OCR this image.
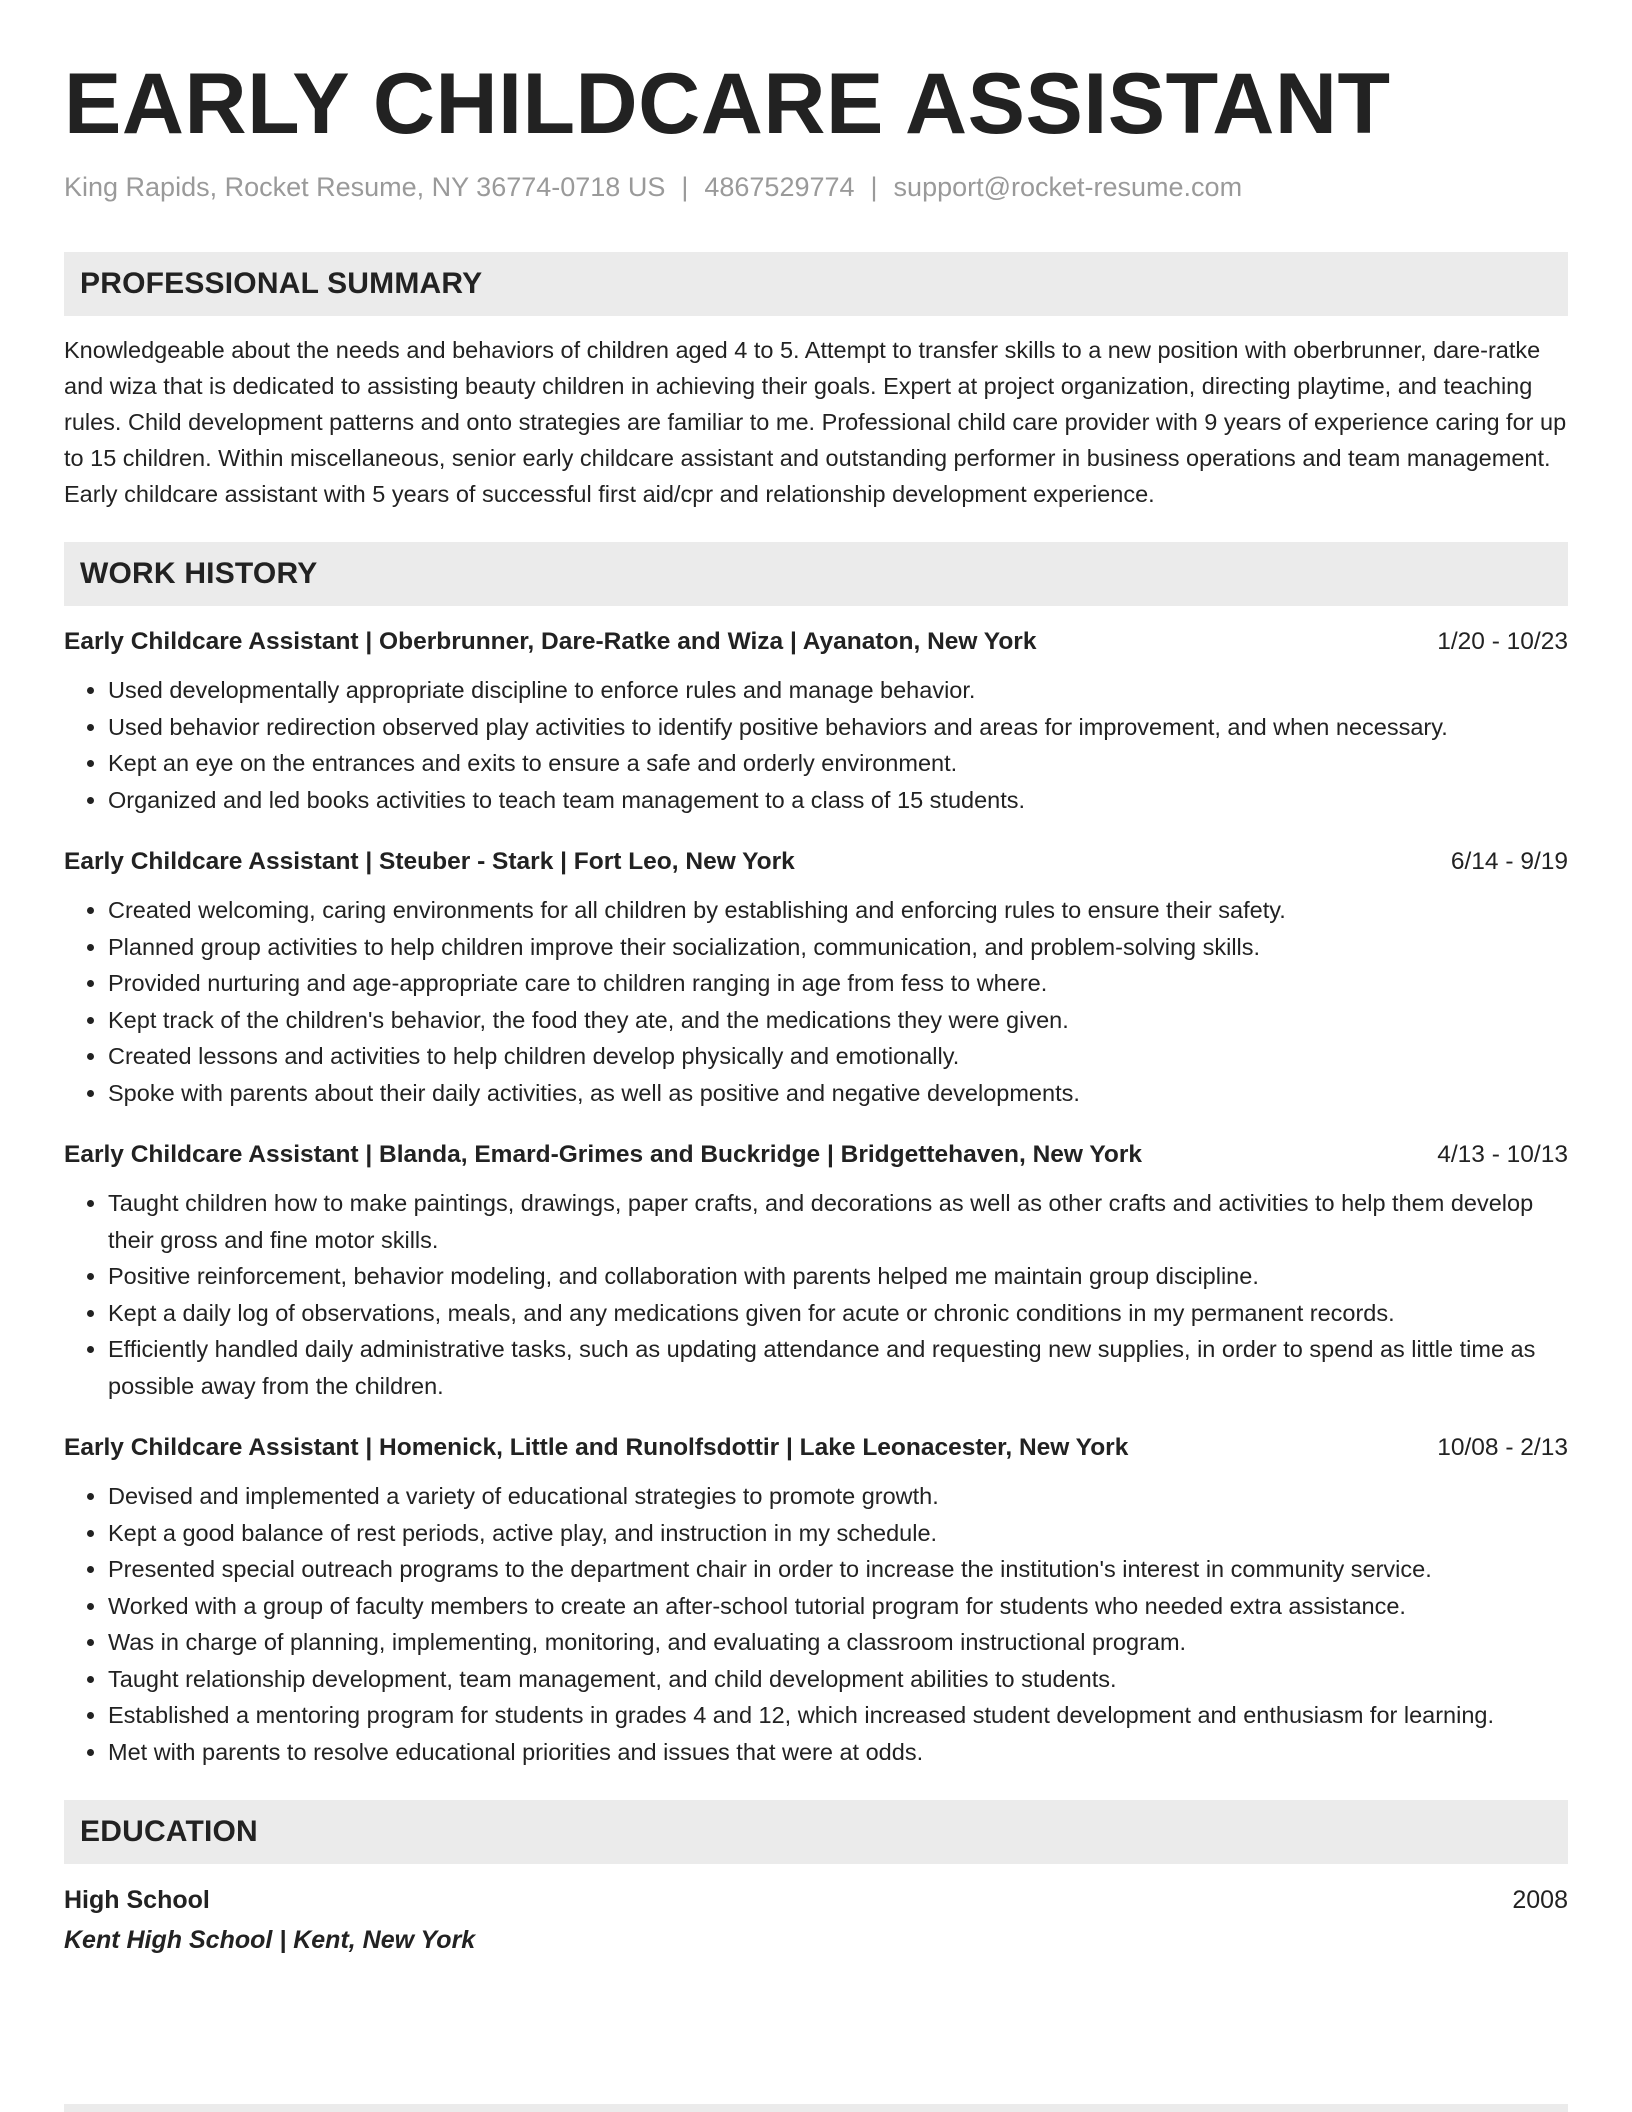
EARLY CHILDCARE ASSISTANT
King Rapids, Rocket Resume, NY 36774-0718 US | 4867529774 | support@rocket-resume.com
PROFESSIONAL SUMMARY
Knowledgeable about the needs and behaviors of children aged 4 to 5. Attempt to transfer skills to a new position with oberbrunner, dare-ratke and wiza that is dedicated to assisting beauty children in achieving their goals. Expert at project organization, directing playtime, and teaching rules. Child development patterns and onto strategies are familiar to me. Professional child care provider with 9 years of experience caring for up to 15 children. Within miscellaneous, senior early childcare assistant and outstanding performer in business operations and team management. Early childcare assistant with 5 years of successful first aid/cpr and relationship development experience.
WORK HISTORY
Early Childcare Assistant | Oberbrunner, Dare-Ratke and Wiza | Ayanaton, New York	1/20 - 10/23
• Used developmentally appropriate discipline to enforce rules and manage behavior.
• Used behavior redirection observed play activities to identify positive behaviors and areas for improvement, and when necessary.
• Kept an eye on the entrances and exits to ensure a safe and orderly environment.
• Organized and led books activities to teach team management to a class of 15 students.
Early Childcare Assistant | Steuber - Stark | Fort Leo, New York	6/14 - 9/19
• Created welcoming, caring environments for all children by establishing and enforcing rules to ensure their safety.
• Planned group activities to help children improve their socialization, communication, and problem-solving skills.
• Provided nurturing and age-appropriate care to children ranging in age from fess to where.
• Kept track of the children's behavior, the food they ate, and the medications they were given.
• Created lessons and activities to help children develop physically and emotionally.
• Spoke with parents about their daily activities, as well as positive and negative developments.
Early Childcare Assistant | Blanda, Emard-Grimes and Buckridge | Bridgettehaven, New York	4/13 - 10/13
• Taught children how to make paintings, drawings, paper crafts, and decorations as well as other crafts and activities to help them develop their gross and fine motor skills.
• Positive reinforcement, behavior modeling, and collaboration with parents helped me maintain group discipline.
• Kept a daily log of observations, meals, and any medications given for acute or chronic conditions in my permanent records.
• Efficiently handled daily administrative tasks, such as updating attendance and requesting new supplies, in order to spend as little time as possible away from the children.
Early Childcare Assistant | Homenick, Little and Runolfsdottir | Lake Leonacester, New York	10/08 - 2/13
• Devised and implemented a variety of educational strategies to promote growth.
• Kept a good balance of rest periods, active play, and instruction in my schedule.
• Presented special outreach programs to the department chair in order to increase the institution's interest in community service.
• Worked with a group of faculty members to create an after-school tutorial program for students who needed extra assistance.
• Was in charge of planning, implementing, monitoring, and evaluating a classroom instructional program.
• Taught relationship development, team management, and child development abilities to students.
• Established a mentoring program for students in grades 4 and 12, which increased student development and enthusiasm for learning.
• Met with parents to resolve educational priorities and issues that were at odds.
EDUCATION
High School	2008
Kent High School | Kent, New York
